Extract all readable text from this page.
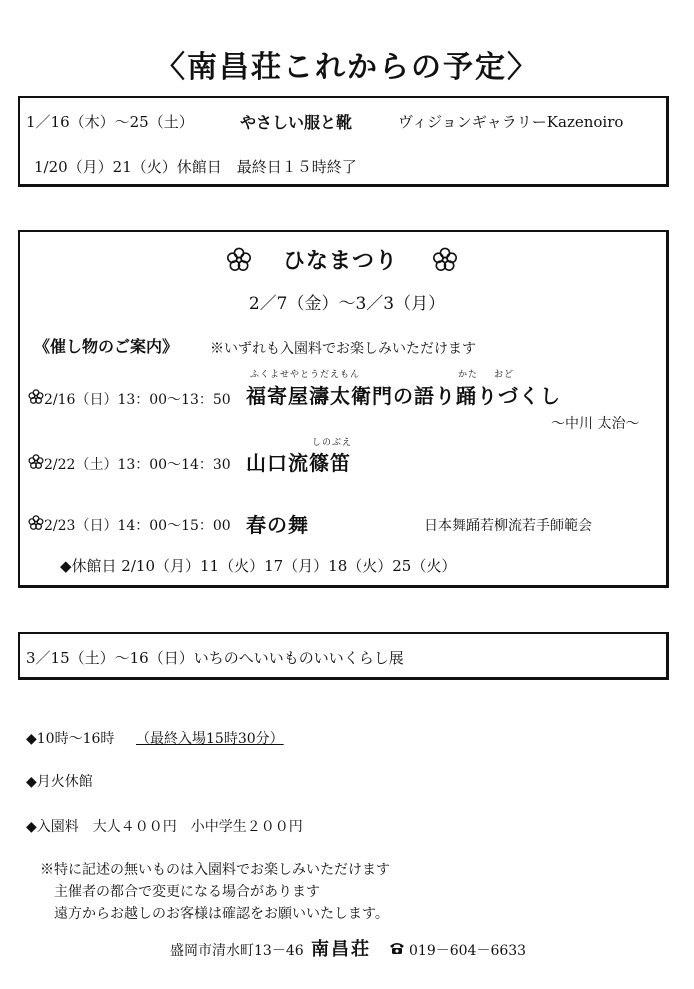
〈南昌荘これからの予定〉
1／16（木）～25（土）	やさしい服と靴	ヴィジョンギャラリーKazenoiro
1/20（月）21（火）休館日　最終日１５時終了
ひなまつり
2／7（金）～3／3（月）
《催し物のご案内》 ※いずれも入園料でお楽しみいただけます
2/16（日）13：00～13：50
ふくよせやとうだえもん	かた おど
福寄屋濤太衛門の語り踊りづくし
～中川 太治～
2/22（土）13：00～14：30
しのぶえ
山口流篠笛
2/23（日）14：00～15：00 春の舞	日本舞踊若柳流若手師範会
◆休館日 2/10（月）11（火）17（月）18（火）25（火）
3／15（土）～16（日）いちのへいいものいいくらし展
◆10時～16時 （最終入場15時30分）
◆月火休館
◆入園料　大人４００円　小中学生２００円
※特に記述の無いものは入園料でお楽しみいただけます
主催者の都合で変更になる場合があります
遠方からお越しのお客様は確認をお願いいたします。
盛岡市清水町13－46 南昌荘	019－604－6633
